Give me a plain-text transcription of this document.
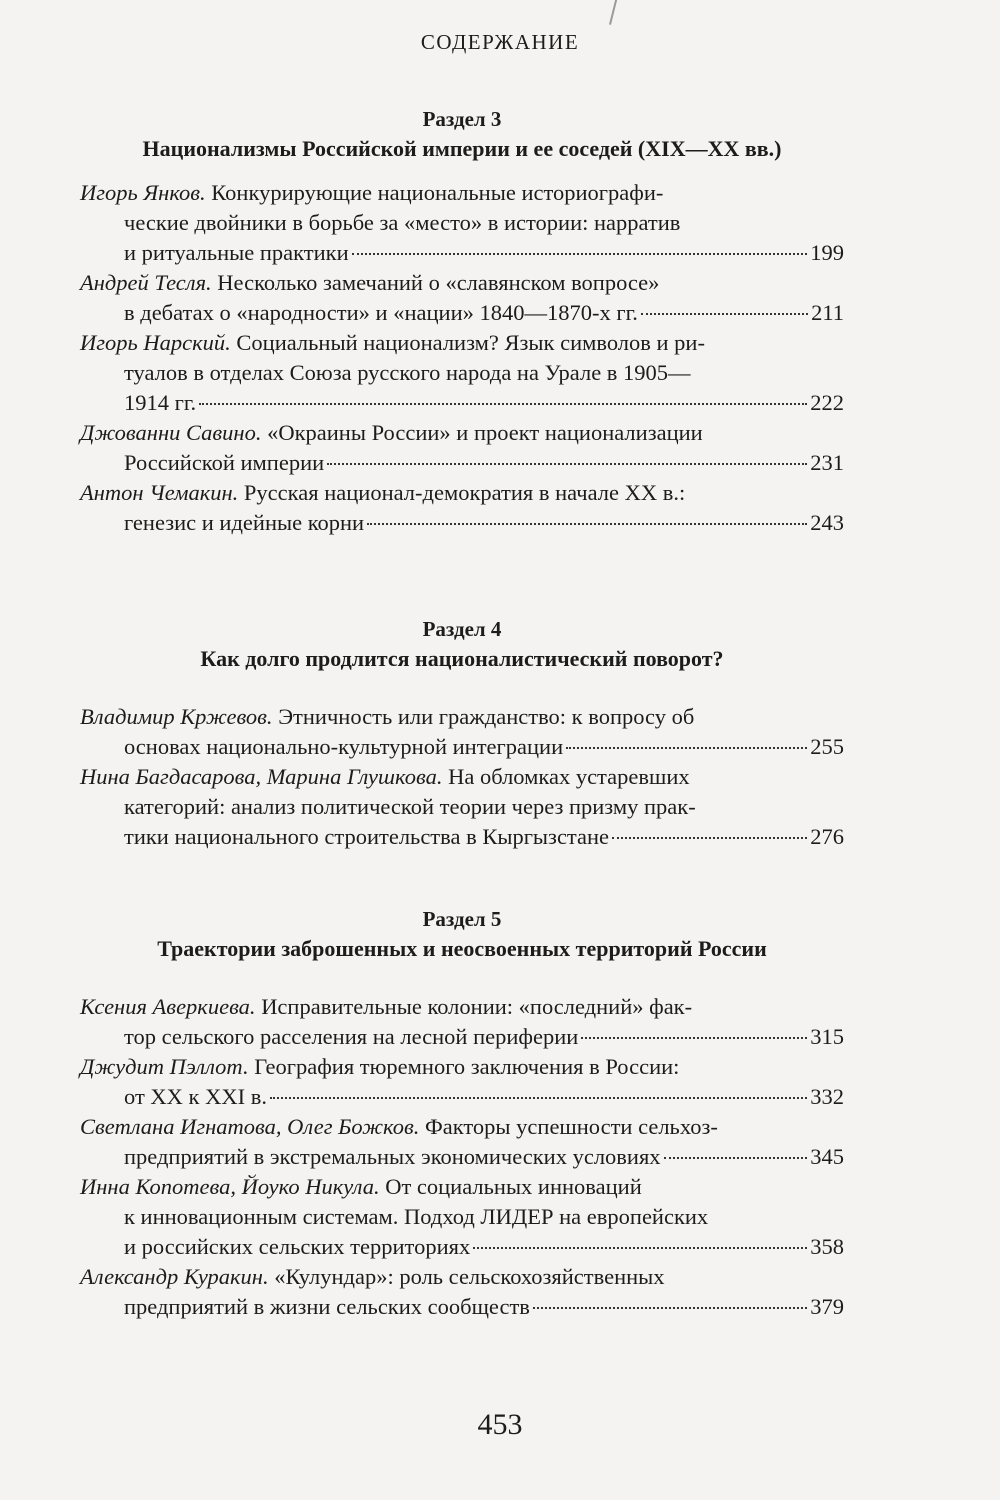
СОДЕРЖАНИЕ
Раздел 3
Национализмы Российской империи и ее соседей (XIX—XX вв.)
Игорь Янков. Конкурирующие национальные историографи-
ческие двойники в борьбе за «место» в истории: нарратив
и ритуальные практики	199
Андрей Тесля. Несколько замечаний о «славянском вопросе»
в дебатах о «народности» и «нации» 1840—1870-х гг.	211
Игорь Нарский. Социальный национализм? Язык символов и ри-
туалов в отделах Союза русского народа на Урале в 1905—
1914 гг.	222
Джованни Савино. «Окраины России» и проект национализации
Российской империи	231
Антон Чемакин. Русская национал-демократия в начале XX в.:
генезис и идейные корни	243
Раздел 4
Как долго продлится националистический поворот?
Владимир Кржевов. Этничность или гражданство: к вопросу об
основах национально-культурной интеграции	255
Нина Багдасарова, Марина Глушкова. На обломках устаревших
категорий: анализ политической теории через призму прак-
тики национального строительства в Кыргызстане	276
Раздел 5
Траектории заброшенных и неосвоенных территорий России
Ксения Аверкиева. Исправительные колонии: «последний» фак-
тор сельского расселения на лесной периферии	315
Джудит Пэллот. География тюремного заключения в России:
от XX к XXI в.	332
Светлана Игнатова, Олег Божков. Факторы успешности сельхоз-
предприятий в экстремальных экономических условиях	345
Инна Копотева, Йоуко Никула. От социальных инноваций
к инновационным системам. Подход ЛИДЕР на европейских
и российских сельских территориях	358
Александр Куракин. «Кулундар»: роль сельскохозяйственных
предприятий в жизни сельских сообществ	379
453
